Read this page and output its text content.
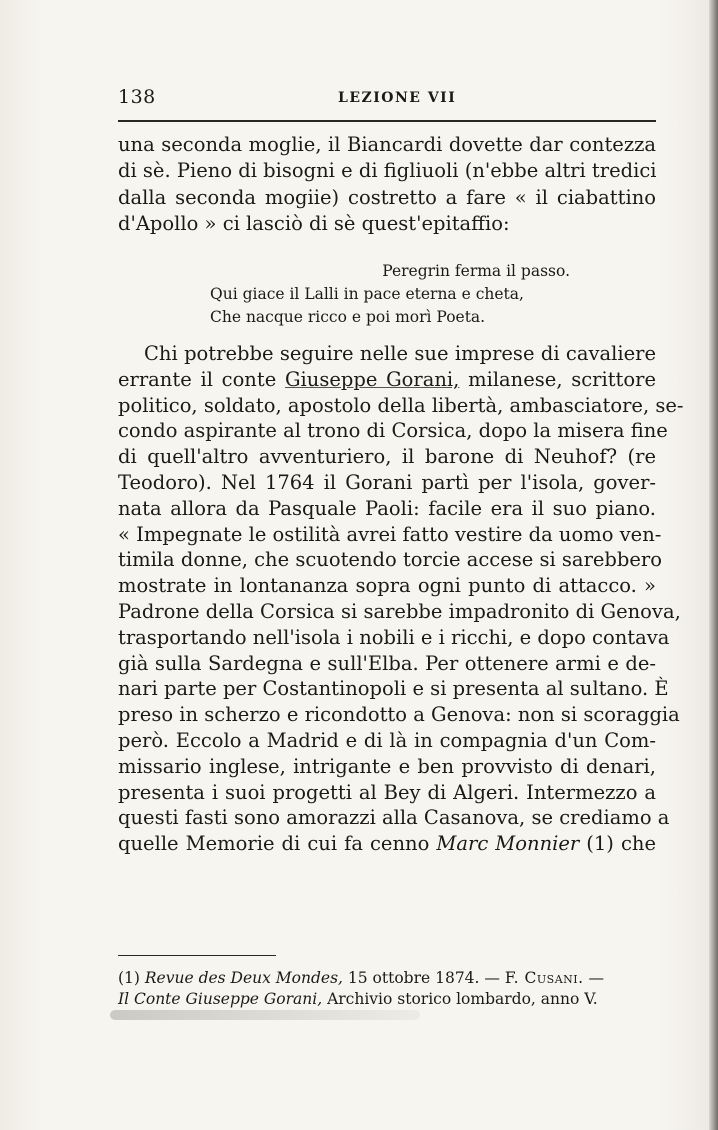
138	LEZIONE VII
una seconda moglie, il Biancardi dovette dar contezza
di sè. Pieno di bisogni e di figliuoli (n'ebbe altri tredici
dalla seconda mogiie) costretto a fare « il ciabattino
d'Apollo » ci lasciò di sè quest'epitaffio:
Peregrin ferma il passo.
Qui giace il Lalli in pace eterna e cheta,
Che nacque ricco e poi morì Poeta.
Chi potrebbe seguire nelle sue imprese di cavaliere
errante il conte Giuseppe Gorani, milanese, scrittore
politico, soldato, apostolo della libertà, ambasciatore, se-
condo aspirante al trono di Corsica, dopo la misera fine
di quell'altro avventuriero, il barone di Neuhof? (re
Teodoro). Nel 1764 il Gorani partì per l'isola, gover-
nata allora da Pasquale Paoli: facile era il suo piano.
« Impegnate le ostilità avrei fatto vestire da uomo ven-
timila donne, che scuotendo torcie accese si sarebbero
mostrate in lontananza sopra ogni punto di attacco. »
Padrone della Corsica si sarebbe impadronito di Genova,
trasportando nell'isola i nobili e i ricchi, e dopo contava
già sulla Sardegna e sull'Elba. Per ottenere armi e de-
nari parte per Costantinopoli e si presenta al sultano. È
preso in scherzo e ricondotto a Genova: non si scoraggia
però. Eccolo a Madrid e di là in compagnia d'un Com-
missario inglese, intrigante e ben provvisto di denari,
presenta i suoi progetti al Bey di Algeri. Intermezzo a
questi fasti sono amorazzi alla Casanova, se crediamo a
quelle Memorie di cui fa cenno Marc Monnier (1) che
(1) Revue des Deux Mondes, 15 ottobre 1874. — F. Cusani. —
Il Conte Giuseppe Gorani, Archivio storico lombardo, anno V.
